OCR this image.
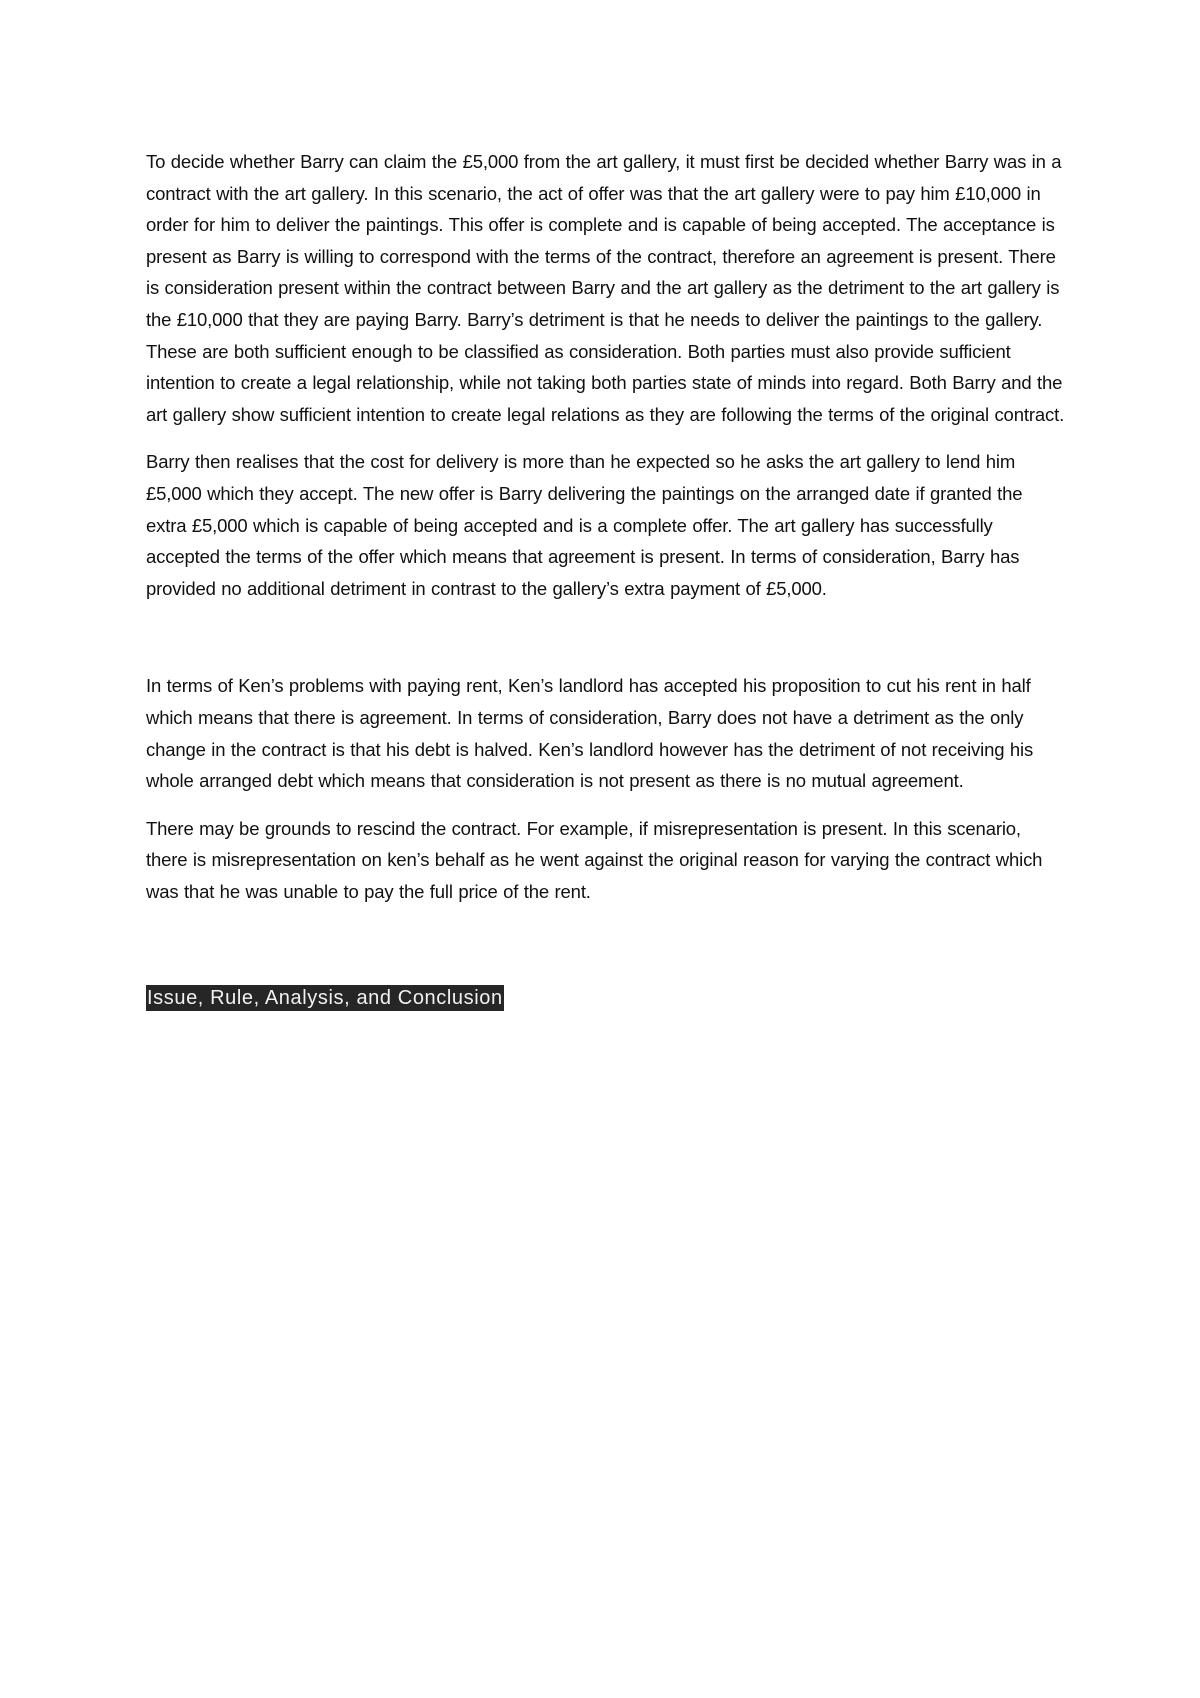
To decide whether Barry can claim the £5,000 from the art gallery, it must first be decided whether Barry was in a contract with the art gallery. In this scenario, the act of offer was that the art gallery were to pay him £10,000 in order for him to deliver the paintings. This offer is complete and is capable of being accepted. The acceptance is present as Barry is willing to correspond with the terms of the contract, therefore an agreement is present. There is consideration present within the contract between Barry and the art gallery as the detriment to the art gallery is the £10,000 that they are paying Barry. Barry’s detriment is that he needs to deliver the paintings to the gallery. These are both sufficient enough to be classified as consideration. Both parties must also provide sufficient intention to create a legal relationship, while not taking both parties state of minds into regard. Both Barry and the art gallery show sufficient intention to create legal relations as they are following the terms of the original contract.

Barry then realises that the cost for delivery is more than he expected so he asks the art gallery to lend him £5,000 which they accept. The new offer is Barry delivering the paintings on the arranged date if granted the extra £5,000 which is capable of being accepted and is a complete offer. The art gallery has successfully accepted the terms of the offer which means that agreement is present. In terms of consideration, Barry has provided no additional detriment in contrast to the gallery’s extra payment of £5,000.

In terms of Ken’s problems with paying rent, Ken’s landlord has accepted his proposition to cut his rent in half which means that there is agreement. In terms of consideration, Barry does not have a detriment as the only change in the contract is that his debt is halved. Ken’s landlord however has the detriment of not receiving his whole arranged debt which means that consideration is not present as there is no mutual agreement.

There may be grounds to rescind the contract. For example, if misrepresentation is present. In this scenario, there is misrepresentation on ken’s behalf as he went against the original reason for varying the contract which was that he was unable to pay the full price of the rent.

Issue, Rule, Analysis, and Conclusion
